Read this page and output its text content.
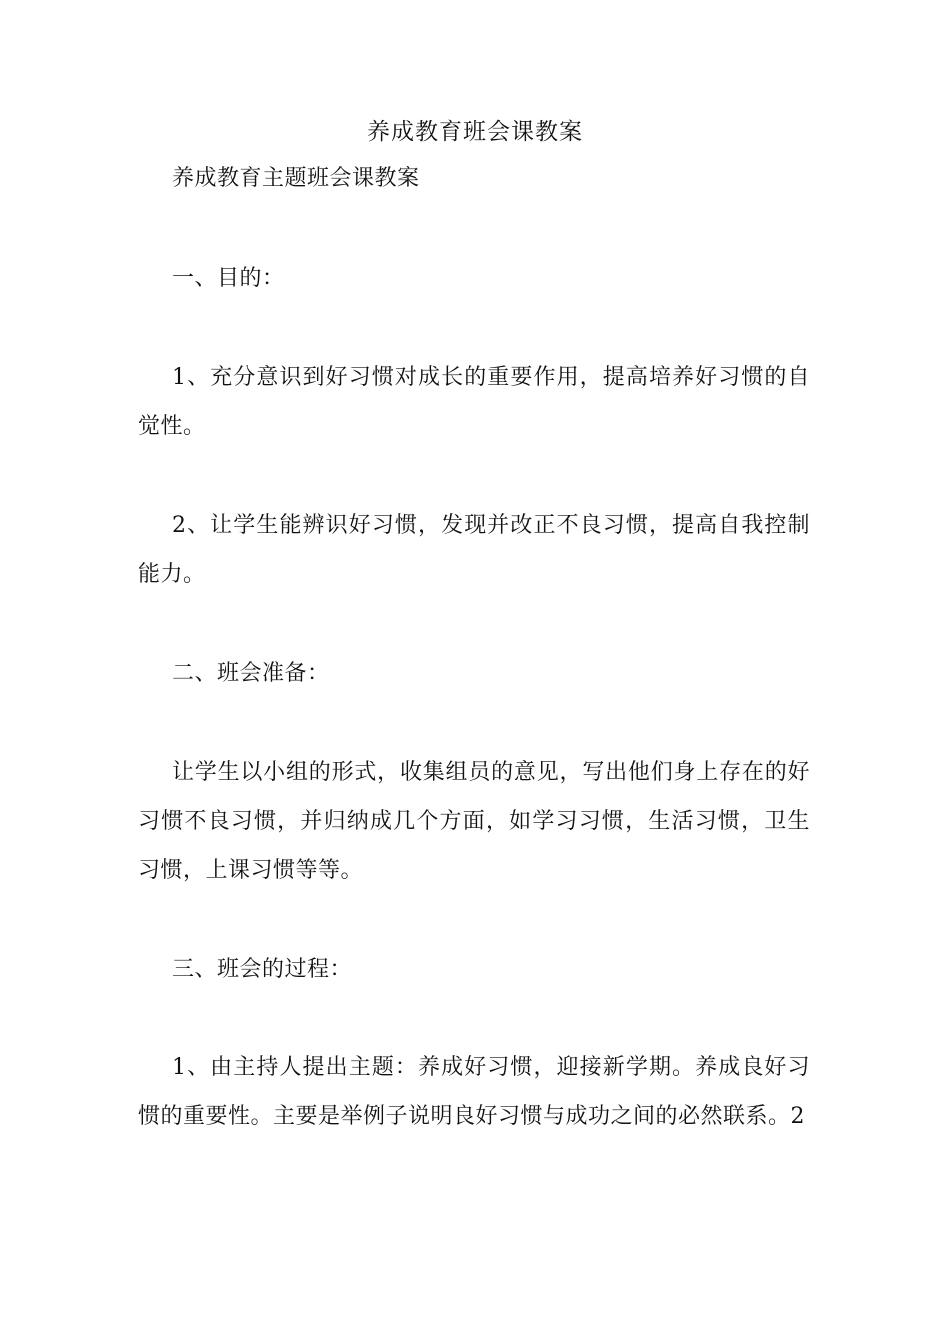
养成教育班会课教案
养成教育主题班会课教案
一、目的：
1、充分意识到好习惯对成长的重要作用，提高培养好习惯的自觉性。
2、让学生能辨识好习惯，发现并改正不良习惯，提高自我控制能力。
二、班会准备：
让学生以小组的形式，收集组员的意见，写出他们身上存在的好习惯不良习惯，并归纳成几个方面，如学习习惯，生活习惯，卫生习惯，上课习惯等等。
三、班会的过程：
1、由主持人提出主题：养成好习惯，迎接新学期。养成良好习惯的重要性。主要是举例子说明良好习惯与成功之间的必然联系。2
